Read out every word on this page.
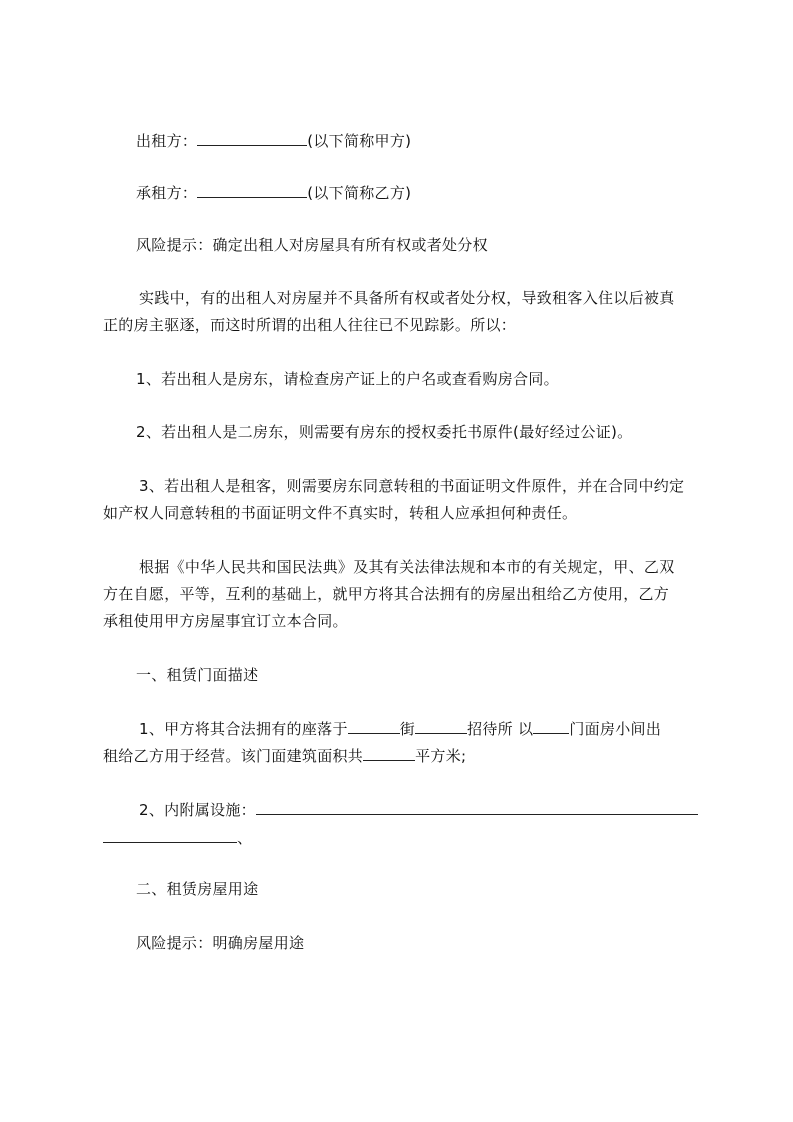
出租方：	(以下简称甲方)

承租方：	(以下简称乙方)

风险提示：确定出租人对房屋具有所有权或者处分权

实践中，有的出租人对房屋并不具备所有权或者处分权，导致租客入住以后被真

正的房主驱逐，而这时所谓的出租人往往已不见踪影。所以：

1、若出租人是房东，请检查房产证上的户名或查看购房合同。

2、若出租人是二房东，则需要有房东的授权委托书原件(最好经过公证)。

3、若出租人是租客，则需要房东同意转租的书面证明文件原件，并在合同中约定

如产权人同意转租的书面证明文件不真实时，转租人应承担何种责任。

根据《中华人民共和国民法典》及其有关法律法规和本市的有关规定，甲、乙双

方在自愿，平等，互利的基础上，就甲方将其合法拥有的房屋出租给乙方使用，乙方

承租使用甲方房屋事宜订立本合同。

一、租赁门面描述

1、甲方将其合法拥有的座落于	街	招待所 以 门面房小间出

租给乙方用于经营。该门面建筑面积共	平方米;

2、内附属设施：

、

二、租赁房屋用途

风险提示：明确房屋用途
